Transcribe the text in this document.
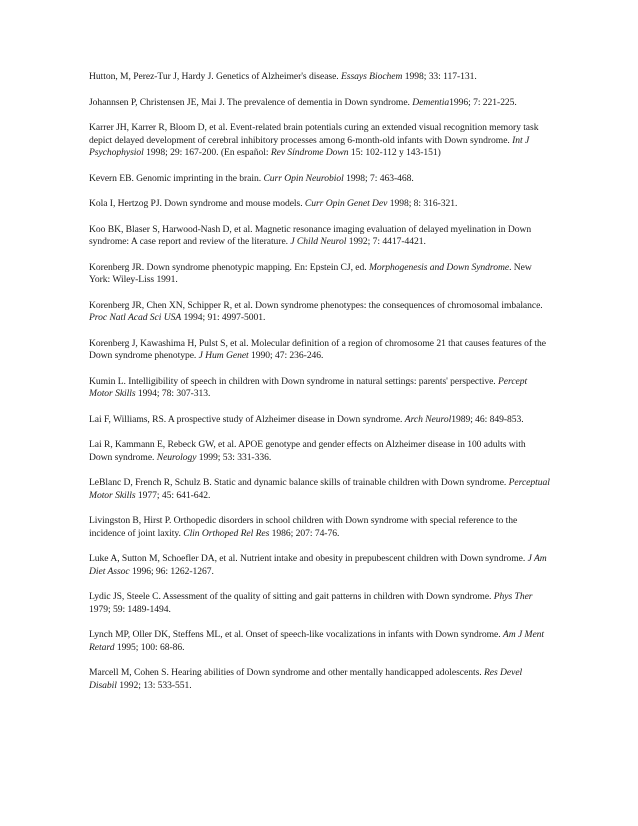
Hutton, M, Perez-Tur J, Hardy J. Genetics of Alzheimer's disease. Essays Biochem 1998; 33: 117-131.
Johannsen P, Christensen JE, Mai J. The prevalence of dementia in Down syndrome. Dementia1996; 7: 221-225.
Karrer JH, Karrer R, Bloom D, et al. Event-related brain potentials curing an extended visual recognition memory task depict delayed development of cerebral inhibitory processes among 6-month-old infants with Down syndrome. Int J Psychophysiol 1998; 29: 167-200. (En español: Rev Síndrome Down 15: 102-112 y 143-151)
Kevern EB. Genomic imprinting in the brain. Curr Opin Neurobiol 1998; 7: 463-468.
Kola I, Hertzog PJ. Down syndrome and mouse models. Curr Opin Genet Dev 1998; 8: 316-321.
Koo BK, Blaser S, Harwood-Nash D, et al. Magnetic resonance imaging evaluation of delayed myelination in Down syndrome: A case report and review of the literature. J Child Neurol 1992; 7: 4417-4421.
Korenberg JR. Down syndrome phenotypic mapping. En: Epstein CJ, ed. Morphogenesis and Down Syndrome. New York: Wiley-Liss 1991.
Korenberg JR, Chen XN, Schipper R, et al. Down syndrome phenotypes: the consequences of chromosomal imbalance. Proc Natl Acad Sci USA 1994; 91: 4997-5001.
Korenberg J, Kawashima H, Pulst S, et al. Molecular definition of a region of chromosome 21 that causes features of the Down syndrome phenotype. J Hum Genet 1990; 47: 236-246.
Kumin L. Intelligibility of speech in children with Down syndrome in natural settings: parents' perspective. Percept Motor Skills 1994; 78: 307-313.
Lai F, Williams, RS. A prospective study of Alzheimer disease in Down syndrome. Arch Neurol1989; 46: 849-853.
Lai R, Kammann E, Rebeck GW, et al. APOE genotype and gender effects on Alzheimer disease in 100 adults with Down syndrome. Neurology 1999; 53: 331-336.
LeBlanc D, French R, Schulz B. Static and dynamic balance skills of trainable children with Down syndrome. Perceptual Motor Skills 1977; 45: 641-642.
Livingston B, Hirst P. Orthopedic disorders in school children with Down syndrome with special reference to the incidence of joint laxity. Clin Orthoped Rel Res 1986; 207: 74-76.
Luke A, Sutton M, Schoefler DA, et al. Nutrient intake and obesity in prepubescent children with Down syndrome. J Am Diet Assoc 1996; 96: 1262-1267.
Lydic JS, Steele C. Assessment of the quality of sitting and gait patterns in children with Down syndrome. Phys Ther 1979; 59: 1489-1494.
Lynch MP, Oller DK, Steffens ML, et al. Onset of speech-like vocalizations in infants with Down syndrome. Am J Ment Retard 1995; 100: 68-86.
Marcell M, Cohen S. Hearing abilities of Down syndrome and other mentally handicapped adolescents. Res Devel Disabil 1992; 13: 533-551.
